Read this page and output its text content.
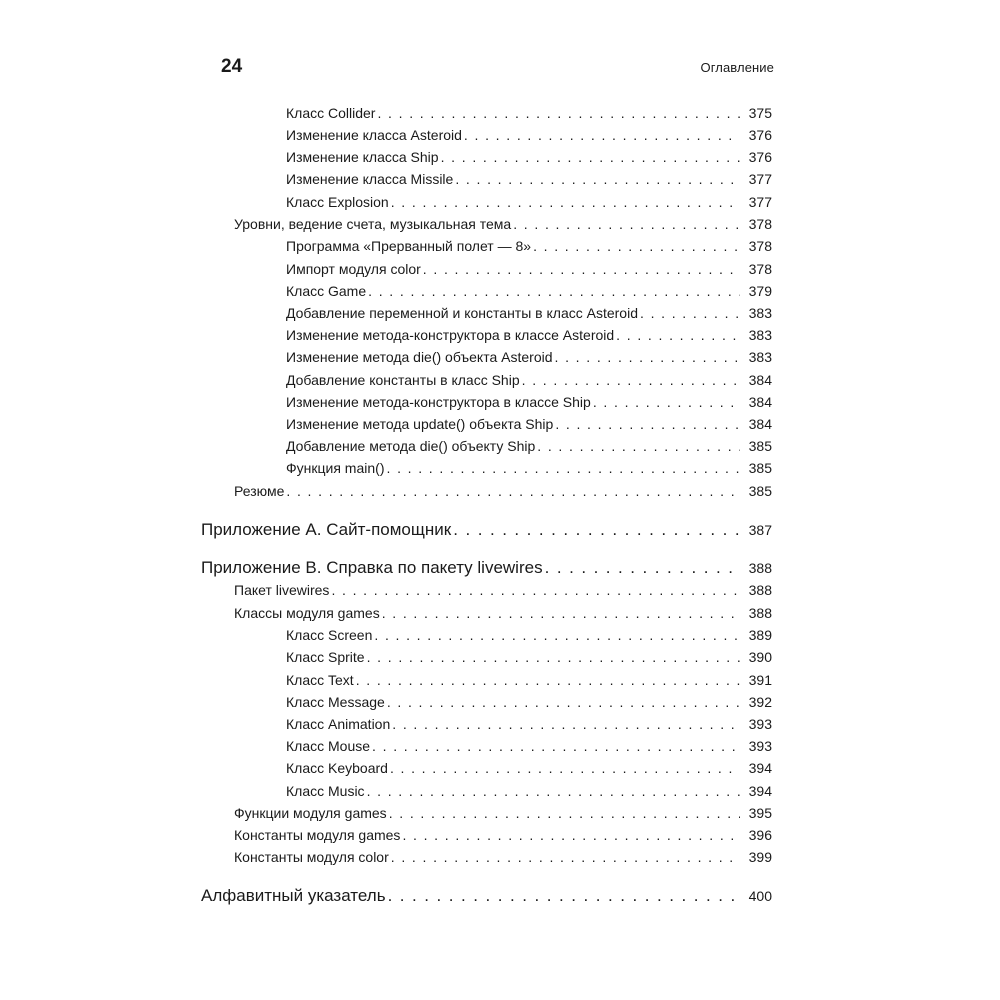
24	Оглавление
Класс Collider . . .	375
Изменение класса Asteroid . . .	376
Изменение класса Ship . . .	376
Изменение класса Missile . . .	377
Класс Explosion . . .	377
Уровни, ведение счета, музыкальная тема . . .	378
Программа «Прерванный полет — 8» . . .	378
Импорт модуля color . . .	378
Класс Game . . .	379
Добавление переменной и константы в класс Asteroid . . .	383
Изменение метода-конструктора в классе Asteroid . . .	383
Изменение метода die() объекта Asteroid . . .	383
Добавление константы в класс Ship . . .	384
Изменение метода-конструктора в классе Ship . . .	384
Изменение метода update() объекта Ship . . .	384
Добавление метода die() объекту Ship . . .	385
Функция main() . . .	385
Резюме . . .	385
Приложение А. Сайт-помощник . . .	387
Приложение В. Справка по пакету livewires . . .	388
Пакет livewires . . .	388
Классы модуля games . . .	388
Класс Screen . . .	389
Класс Sprite . . .	390
Класс Text . . .	391
Класс Message . . .	392
Класс Animation . . .	393
Класс Mouse . . .	393
Класс Keyboard . . .	394
Класс Music . . .	394
Функции модуля games . . .	395
Константы модуля games . . .	396
Константы модуля color . . .	399
Алфавитный указатель . . .	400
